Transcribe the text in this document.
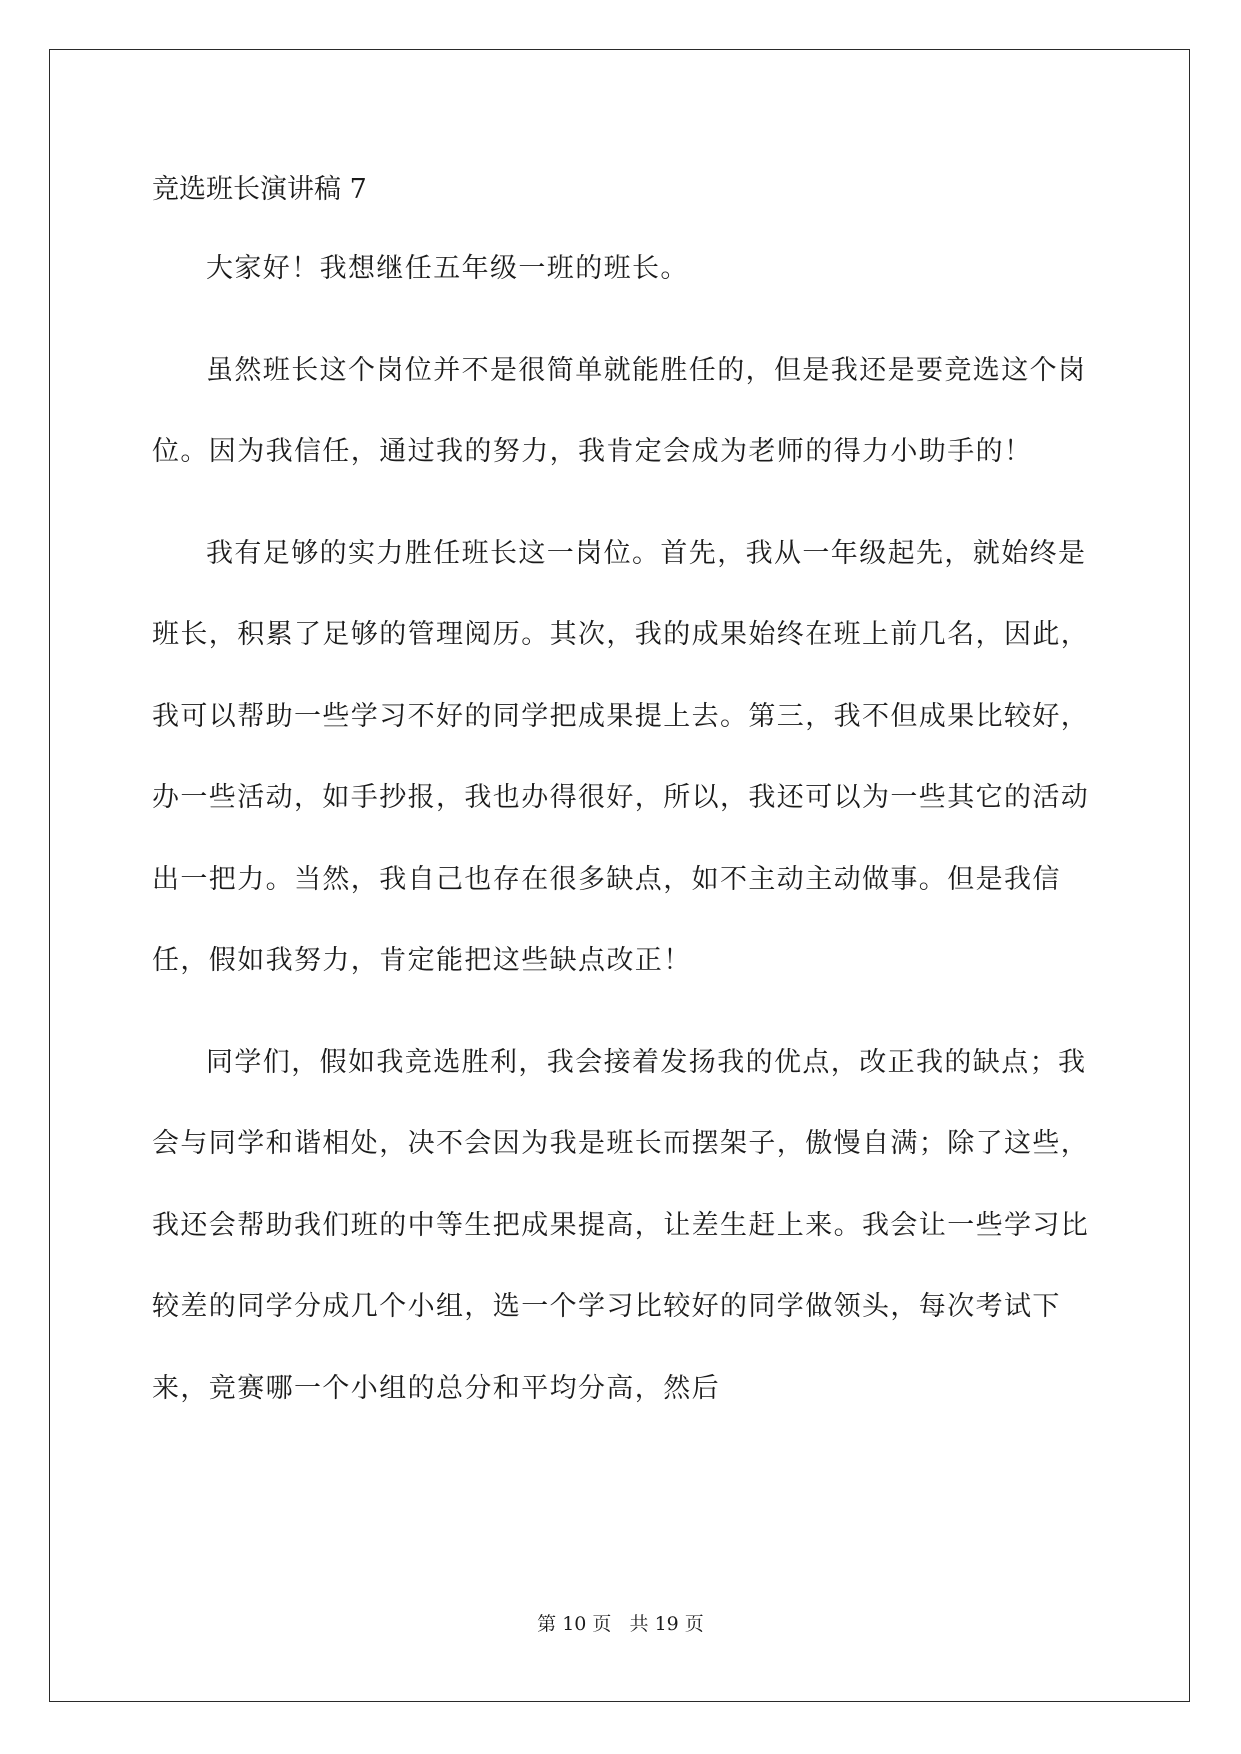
竞选班长演讲稿 7

大家好！我想继任五年级一班的班长。

虽然班长这个岗位并不是很简单就能胜任的，但是我还是要竞选这个岗位。因为我信任，通过我的努力，我肯定会成为老师的得力小助手的！

我有足够的实力胜任班长这一岗位。首先，我从一年级起先，就始终是班长，积累了足够的管理阅历。其次，我的成果始终在班上前几名，因此，我可以帮助一些学习不好的同学把成果提上去。第三，我不但成果比较好，办一些活动，如手抄报，我也办得很好，所以，我还可以为一些其它的活动出一把力。当然，我自己也存在很多缺点，如不主动主动做事。但是我信任，假如我努力，肯定能把这些缺点改正！

同学们，假如我竞选胜利，我会接着发扬我的优点，改正我的缺点；我会与同学和谐相处，决不会因为我是班长而摆架子，傲慢自满；除了这些，我还会帮助我们班的中等生把成果提高，让差生赶上来。我会让一些学习比较差的同学分成几个小组，选一个学习比较好的同学做领头，每次考试下来，竞赛哪一个小组的总分和平均分高，然后

第 10 页   共 19 页
